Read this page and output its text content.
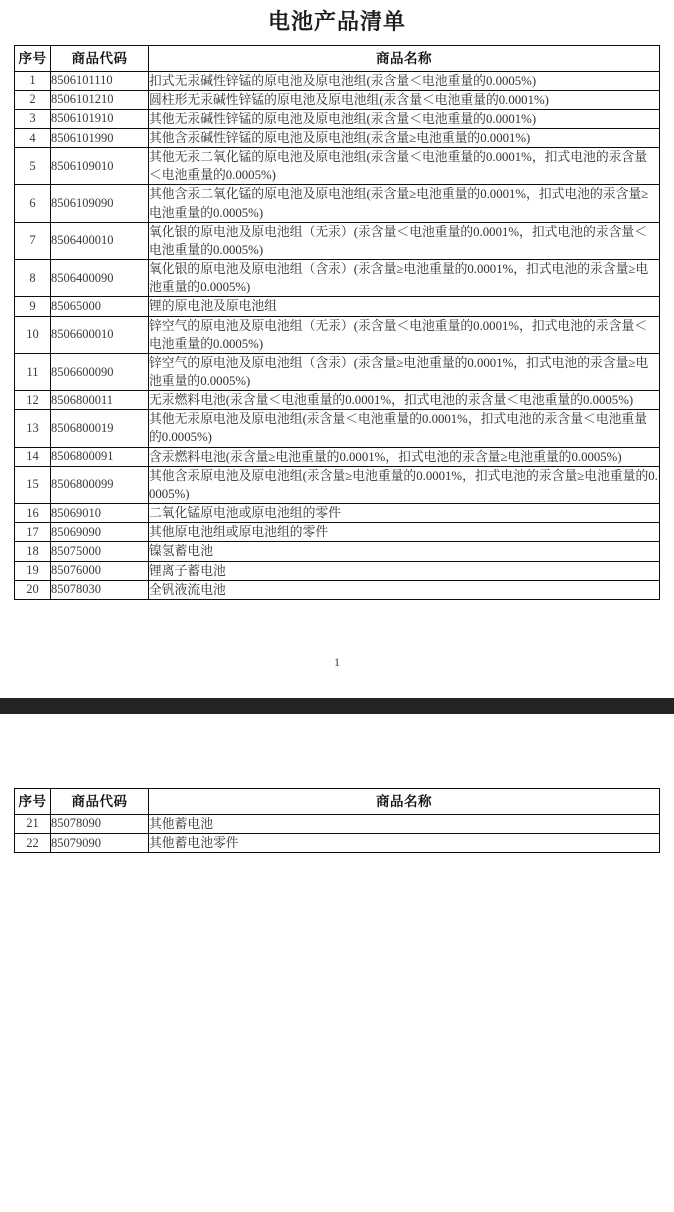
电池产品清单
序号	商品代码	商品名称
1	8506101110	扣式无汞碱性锌锰的原电池及原电池组(汞含量＜电池重量的0.0005%)
2	8506101210	圆柱形无汞碱性锌锰的原电池及原电池组(汞含量＜电池重量的0.0001%)
3	8506101910	其他无汞碱性锌锰的原电池及原电池组(汞含量＜电池重量的0.0001%)
4	8506101990	其他含汞碱性锌锰的原电池及原电池组(汞含量≥电池重量的0.0001%)
5	8506109010	其他无汞二氧化锰的原电池及原电池组(汞含量＜电池重量的0.0001%，扣式电池的汞含量＜电池重量的0.0005%)
6	8506109090	其他含汞二氧化锰的原电池及原电池组(汞含量≥电池重量的0.0001%，扣式电池的汞含量≥电池重量的0.0005%)
7	8506400010	氧化银的原电池及原电池组（无汞）(汞含量＜电池重量的0.0001%，扣式电池的汞含量＜电池重量的0.0005%)
8	8506400090	氧化银的原电池及原电池组（含汞）(汞含量≥电池重量的0.0001%，扣式电池的汞含量≥电池重量的0.0005%)
9	85065000	锂的原电池及原电池组
10	8506600010	锌空气的原电池及原电池组（无汞）(汞含量＜电池重量的0.0001%，扣式电池的汞含量＜电池重量的0.0005%)
11	8506600090	锌空气的原电池及原电池组（含汞）(汞含量≥电池重量的0.0001%，扣式电池的汞含量≥电池重量的0.0005%)
12	8506800011	无汞燃料电池(汞含量＜电池重量的0.0001%，扣式电池的汞含量＜电池重量的0.0005%)
13	8506800019	其他无汞原电池及原电池组(汞含量＜电池重量的0.0001%，扣式电池的汞含量＜电池重量的0.0005%)
14	8506800091	含汞燃料电池(汞含量≥电池重量的0.0001%，扣式电池的汞含量≥电池重量的0.0005%)
15	8506800099	其他含汞原电池及原电池组(汞含量≥电池重量的0.0001%，扣式电池的汞含量≥电池重量的0.0005%)
16	85069010	二氧化锰原电池或原电池组的零件
17	85069090	其他原电池组或原电池组的零件
18	85075000	镍氢蓄电池
19	85076000	锂离子蓄电池
20	85078030	全钒液流电池
1
序号	商品代码	商品名称
21	85078090	其他蓄电池
22	85079090	其他蓄电池零件
